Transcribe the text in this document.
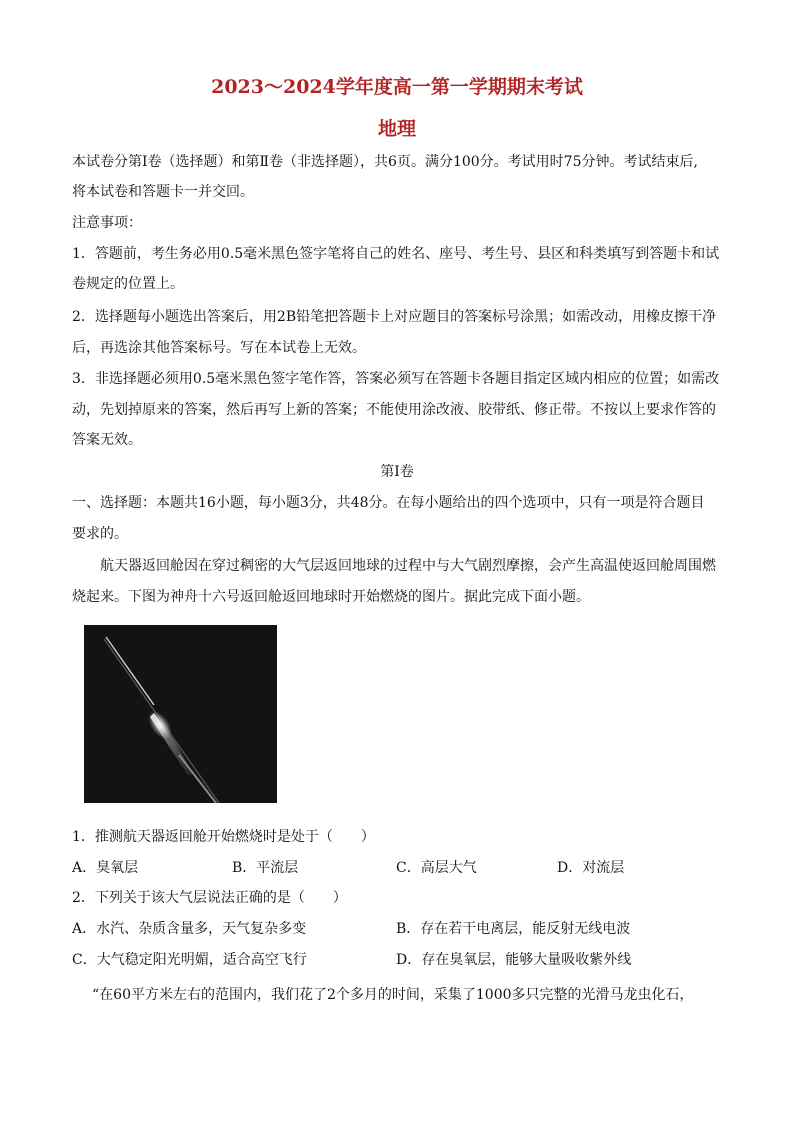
2023～2024学年度高一第一学期期末考试
地理
本试卷分第Ⅰ卷（选择题）和第Ⅱ卷（非选择题），共6页。满分100分。考试用时75分钟。考试结束后,
将本试卷和答题卡一并交回。
注意事项：
1．答题前，考生务必用0.5毫米黑色签字笔将自己的姓名、座号、考生号、县区和科类填写到答题卡和试
卷规定的位置上。
2．选择题每小题选出答案后，用2B铅笔把答题卡上对应题目的答案标号涂黑；如需改动，用橡皮擦干净
后，再选涂其他答案标号。写在本试卷上无效。
3．非选择题必须用0.5毫米黑色签字笔作答，答案必须写在答题卡各题目指定区域内相应的位置；如需改
动，先划掉原来的答案，然后再写上新的答案；不能使用涂改液、胶带纸、修正带。不按以上要求作答的
答案无效。
第Ⅰ卷
一、选择题：本题共16小题，每小题3分，共48分。在每小题给出的四个选项中，只有一项是符合题目
要求的。
航天器返回舱因在穿过稠密的大气层返回地球的过程中与大气剧烈摩擦，会产生高温使返回舱周围燃
烧起来。下图为神舟十六号返回舱返回地球时开始燃烧的图片。据此完成下面小题。
1．推测航天器返回舱开始燃烧时是处于（　　）
A．臭氧层	B．平流层	C．高层大气	D．对流层
2．下列关于该大气层说法正确的是（　　）
A．水汽、杂质含量多，天气复杂多变	B．存在若干电离层，能反射无线电波
C．大气稳定阳光明媚，适合高空飞行	D．存在臭氧层，能够大量吸收紫外线
“在60平方米左右的范围内，我们花了2个多月的时间，采集了1000多只完整的光滑马龙虫化石，
